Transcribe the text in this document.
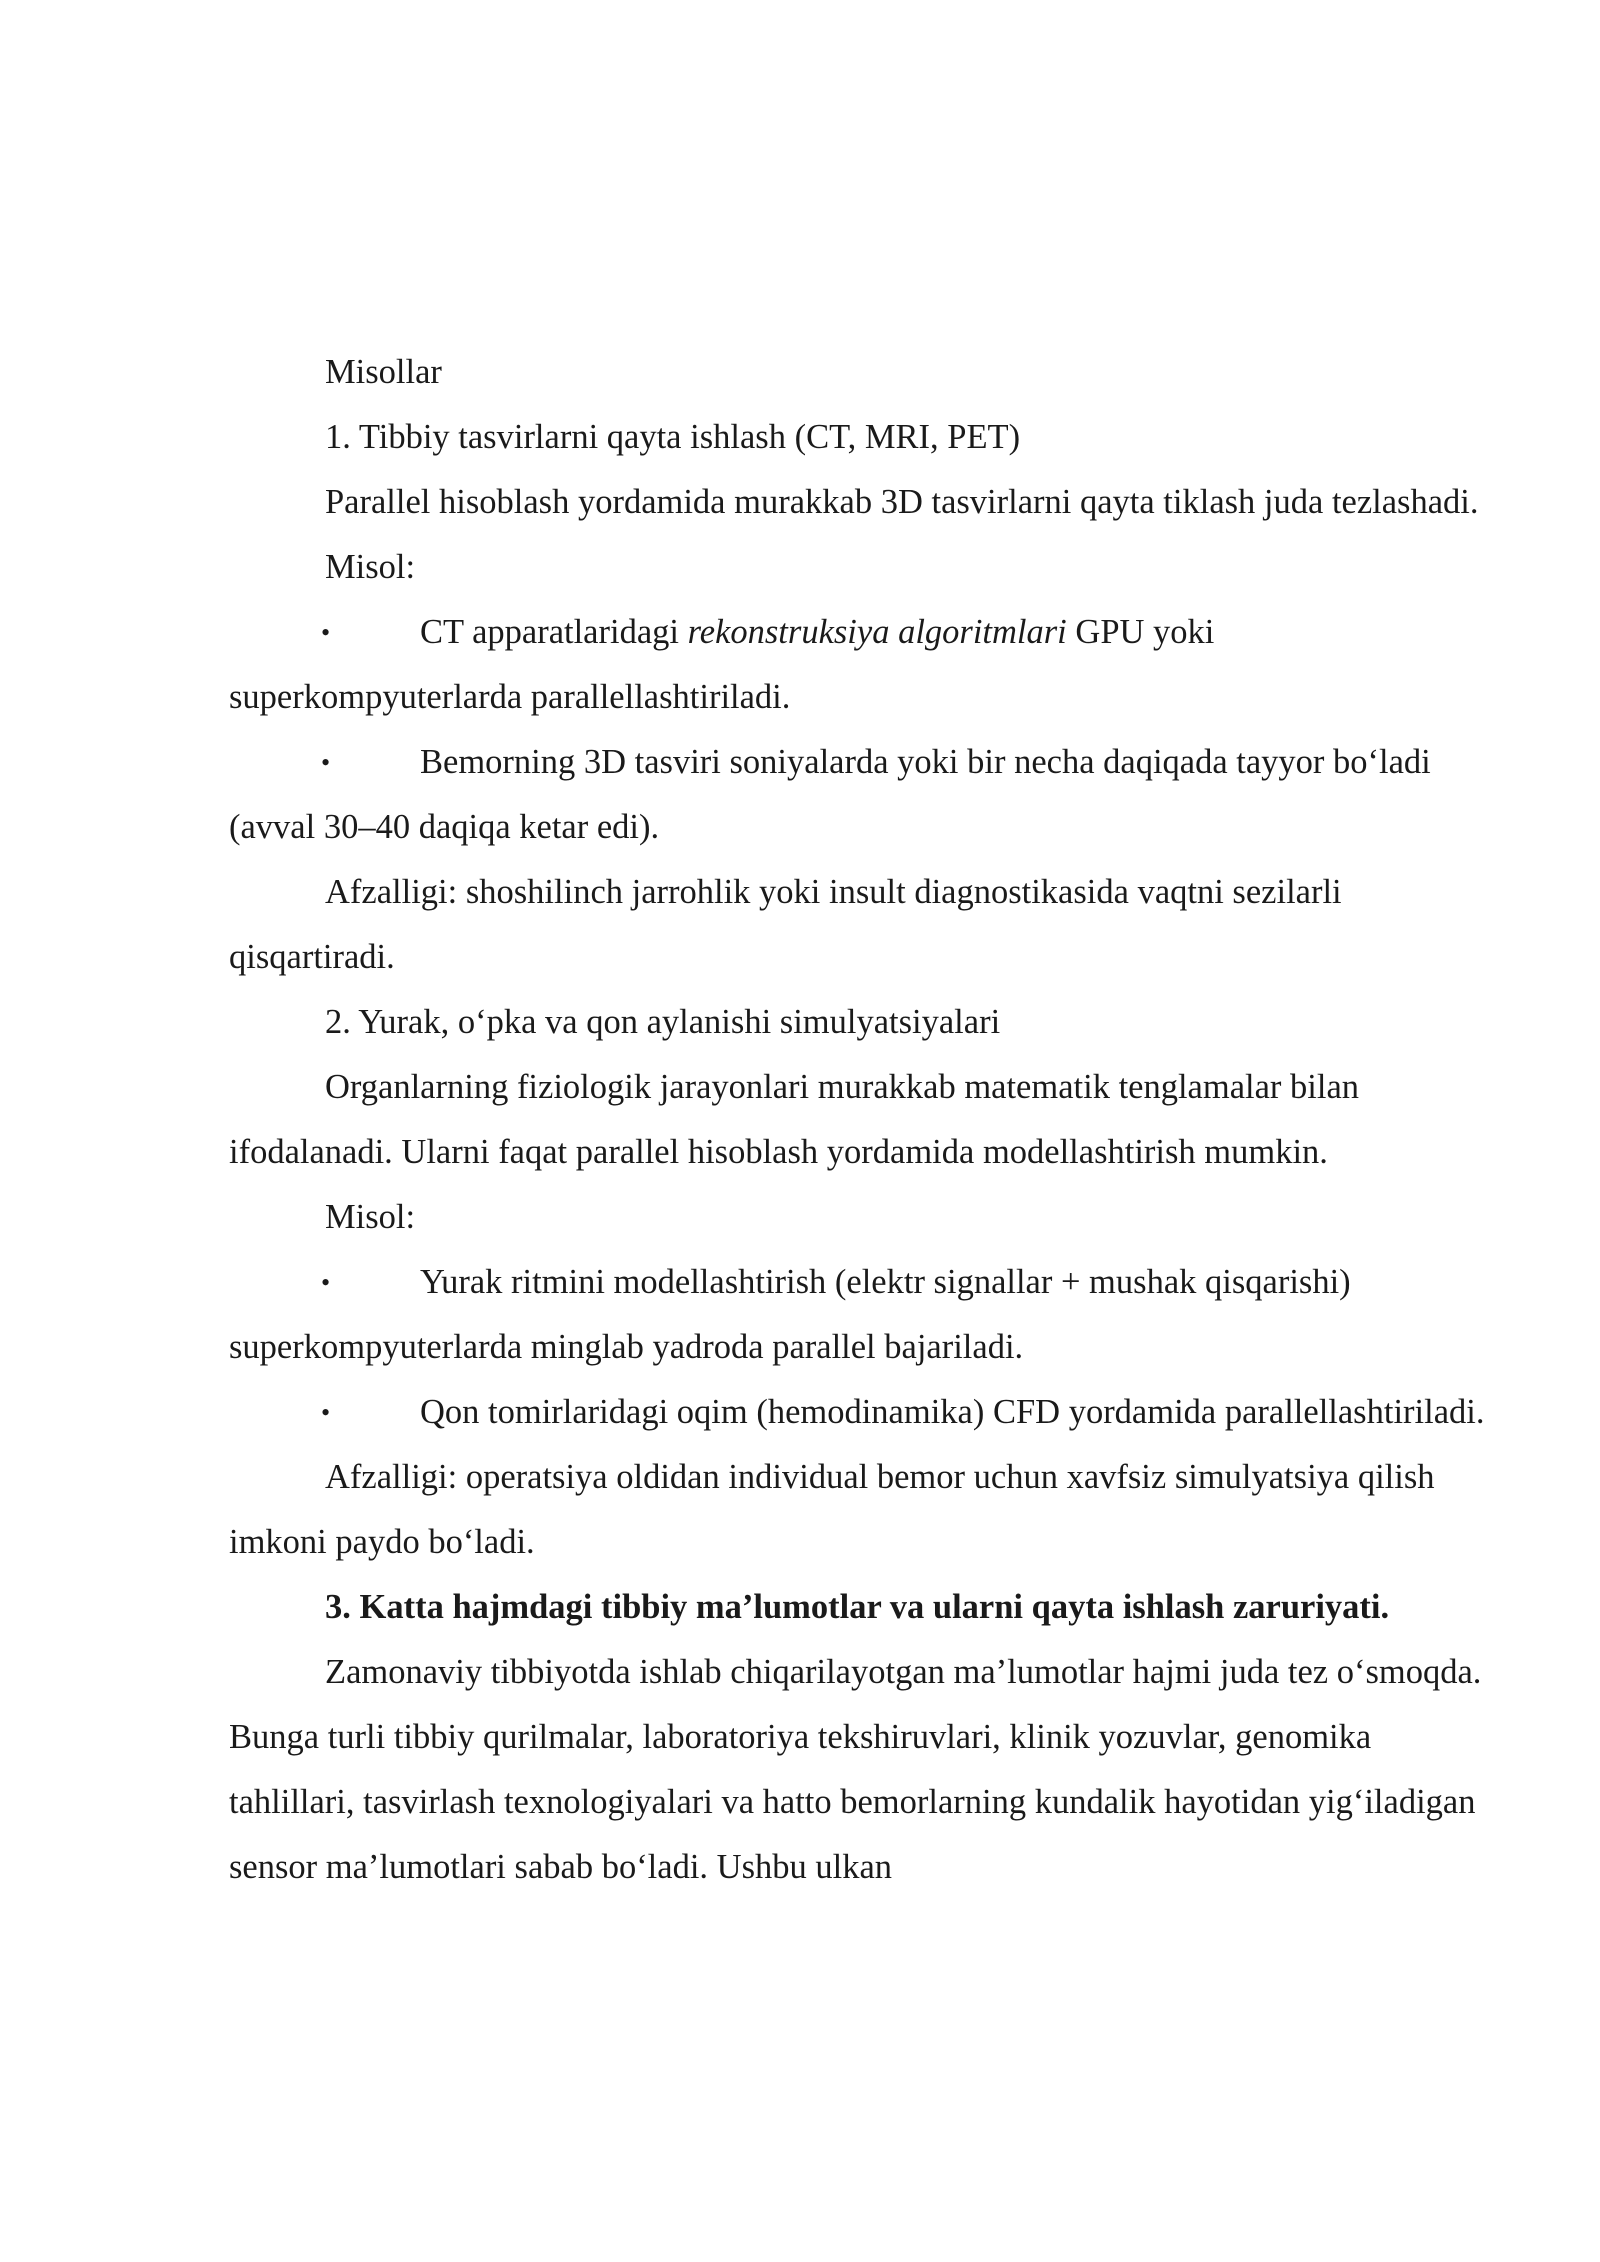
Misollar

1. Tibbiy tasvirlarni qayta ishlash (CT, MRI, PET)

Parallel hisoblash yordamida murakkab 3D tasvirlarni qayta tiklash juda tezlashadi.

Misol:

•	CT apparatlaridagi rekonstruksiya algoritmlari GPU yoki superkompyuterlarda parallellashtiriladi.

•	Bemorning 3D tasviri soniyalarda yoki bir necha daqiqada tayyor bo‘ladi (avval 30–40 daqiqa ketar edi).

Afzalligi: shoshilinch jarrohlik yoki insult diagnostikasida vaqtni sezilarli qisqartiradi.

2. Yurak, o‘pka va qon aylanishi simulyatsiyalari

Organlarning fiziologik jarayonlari murakkab matematik tenglamalar bilan ifodalanadi. Ularni faqat parallel hisoblash yordamida modellashtirish mumkin.

Misol:

•	Yurak ritmini modellashtirish (elektr signallar + mushak qisqarishi) superkompyuterlarda minglab yadroda parallel bajariladi.

•	Qon tomirlaridagi oqim (hemodinamika) CFD yordamida parallellashtiriladi.

Afzalligi: operatsiya oldidan individual bemor uchun xavfsiz simulyatsiya qilish imkoni paydo bo‘ladi.

3. Katta hajmdagi tibbiy ma’lumotlar va ularni qayta ishlash zaruriyati.

Zamonaviy tibbiyotda ishlab chiqarilayotgan ma’lumotlar hajmi juda tez o‘smoqda. Bunga turli tibbiy qurilmalar, laboratoriya tekshiruvlari, klinik yozuvlar, genomika tahlillari, tasvirlash texnologiyalari va hatto bemorlarning kundalik hayotidan yig‘iladigan sensor ma’lumotlari sabab bo‘ladi. Ushbu ulkan
